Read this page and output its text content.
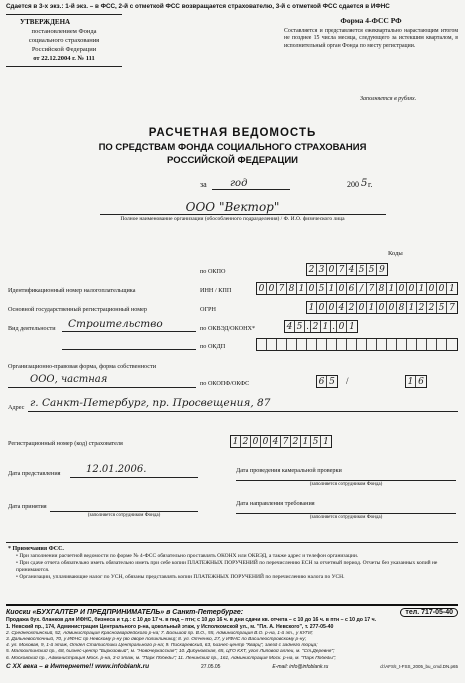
Сдается в 3-х экз.: 1-й экз. – в ФСС, 2-й с отметкой ФСС возвращается страхователю, 3-й с отметкой ФСС сдается в ИФНС
УТВЕРЖДЕНА
постановлением Фонда
социального страхования
Российской Федерации
от 22.12.2004 г. № 111
Форма 4-ФСС РФ
Составляется и представляется ежеквартально нарастающим итогом не позднее 15 числа месяца, следующего за истекшим кварталом, в исполнительный орган Фонда по месту регистрации.
Заполняется в рублях.
РАСЧЕТНАЯ ВЕДОМОСТЬ
ПО СРЕДСТВАМ ФОНДА СОЦИАЛЬНОГО СТРАХОВАНИЯ
РОССИЙСКОЙ ФЕДЕРАЦИИ
за год	200 5 г.
ООО "Вектор"
Полное наименование организации (обособленного подразделения) / Ф. И.О. физического лица
Коды
по ОКПО	2 3 0 7 4 5 5 9
Идентификационный номер налогоплательщика	ИНН / КПП	0 0 7 8 1 0 5 1 0 6 / 7 8 1 0 0 1 0 0 1
Основной государственный регистрационный номер	ОГРН	1 0 0 4 2 0 1 0 0 8 1 2 2 5 7
Вид деятельности Строительство	по ОКВЭД/ОКОНХ*	4 5 . 2 1 . 0 1
по ОКДП
Организационно-правовая форма, форма собственности
ООО, частная	по ОКОПФ/ОКФС	6 5 /	1 6
Адрес г. Санкт-Петербург, пр. Просвещения, 87
Регистрационный номер (код) страхователя	1 2 0 0 4 7 2 1 5 1
Дата представления	12.01.2006.	Дата проведения камеральной проверки
(заполняется сотрудником Фонда)
Дата принятия
(заполняется сотрудником Фонда)
Дата направления требования
(заполняется сотрудником Фонда)
* Примечания ФСС.
• При заполнении расчетной ведомости по форме № 4-ФСС обязательно проставлять ОКОНХ или ОКВЭД, а также адрес и телефон организации.
• При сдаче отчета обязательно иметь обязательно иметь при себе копии ПЛАТЕЖНЫХ ПОРУЧЕНИЙ по перечислению ЕСН за отчетный период. Отчеты без указанных копий не принимаются.
• Организации, уплачивающие налог по УСН, обязаны представлять копии ПЛАТЕЖНЫХ ПОРУЧЕНИЙ по перечислению налога по УСН.
Киоски «БУХГАЛТЕР И ПРЕДПРИНИМАТЕЛЬ» в Санкт-Петербурге:	тел. 717-05-40
Продажа бух. бланков для ИФНС, бизнеса и т.д.: с 10 до 17 ч. в пнд – птн; с 10 до 16 ч. в дни сдачи кв. отчета – с 10 до 16 ч. в птн – с 10 до 17 ч.
1. Невский пр., 174, Администрация Центрального р-на, цокольный этаж, у Исполкомской ул., м. "Пл. А. Невского", т. 277-05-40
2. Среднеохтинский, 52, Администрация Красногвардейского р-на; 7. Большой пр. В.О., 55, Администрация В.О. р-на, 1-й эт., у КУГИ;
3. Дальневосточный, 70, у ИФНС пр Невскому р-ну (во дворе поликлиники); 8. ул. Отченко, 27, у ИФНС по Василеостровскому р-ну;
4. ул. Моховая, 9, 1-й этаж, Отдел Статистики Центрального р-на; 9. Пискаревский, 63, бизнес-центр "Кварц", заезд с заднего торца;
5. Малоохтинский пр., 68, бизнес-центр "Бирюзовый", м. "Новочеркасская"; 10. Дибуновская, 65, ЦГО КХТ, угол Липовой аллеи, м. "Ст.Деревня";
6. Московский пр., Администрация Моск. р-на, 3-й этаж, м. "Парк Победы"; 11. Ленинский пр., 161, Администрация Моск. р-на, м. "Парк Победы";
С ХХ века – в Интернете!! www.infoblank.ru	27.05.05	E-mail: info@infoblank.ru	d:\AFS\I_t-FSS_2005_bu_cmd.DN.p65
